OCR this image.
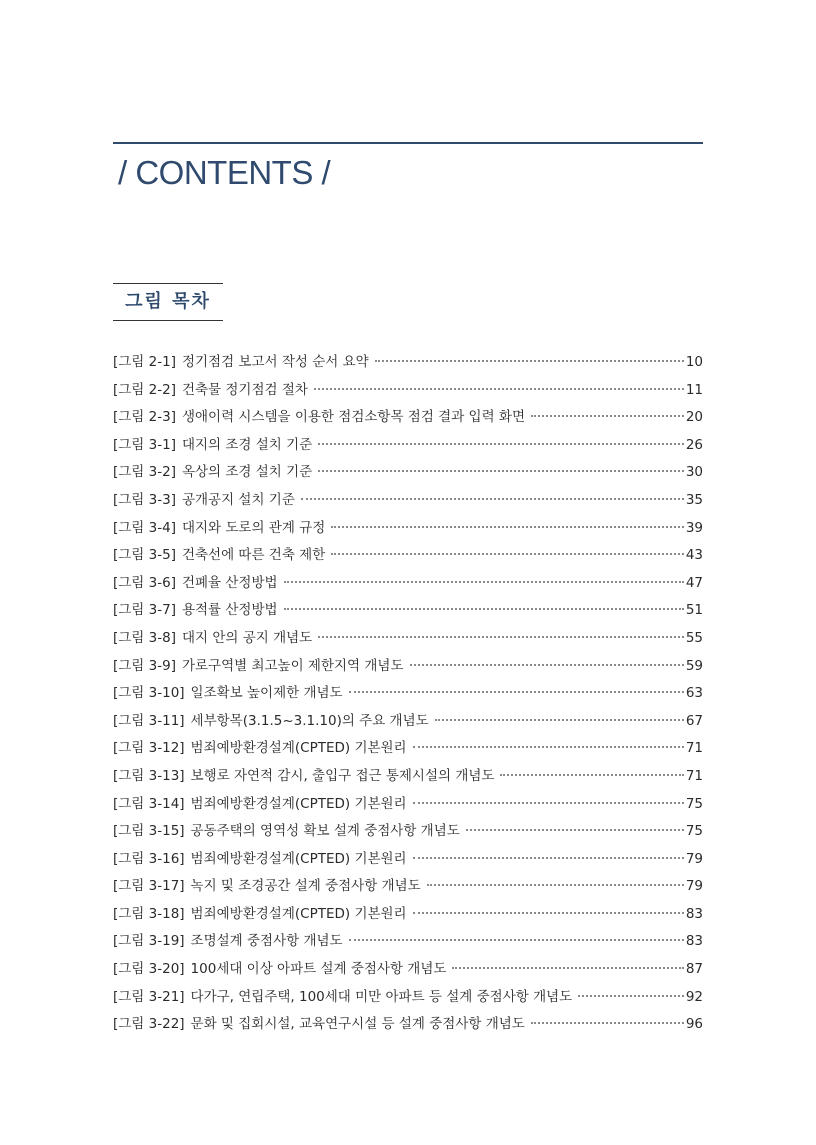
/ CONTENTS /
그림 목차
[그림 2-1] 정기점검 보고서 작성 순서 요약	10
[그림 2-2] 건축물 정기점검 절차	11
[그림 2-3] 생애이력 시스템을 이용한 점검소항목 점검 결과 입력 화면	20
[그림 3-1] 대지의 조경 설치 기준	26
[그림 3-2] 옥상의 조경 설치 기준	30
[그림 3-3] 공개공지 설치 기준	35
[그림 3-4] 대지와 도로의 관계 규정	39
[그림 3-5] 건축선에 따른 건축 제한	43
[그림 3-6] 건폐율 산정방법	47
[그림 3-7] 용적률 산정방법	51
[그림 3-8] 대지 안의 공지 개념도	55
[그림 3-9] 가로구역별 최고높이 제한지역 개념도	59
[그림 3-10] 일조확보 높이제한 개념도	63
[그림 3-11] 세부항목(3.1.5~3.1.10)의 주요 개념도	67
[그림 3-12] 범죄예방환경설계(CPTED) 기본원리	71
[그림 3-13] 보행로 자연적 감시, 출입구 접근 통제시설의 개념도	71
[그림 3-14] 범죄예방환경설계(CPTED) 기본원리	75
[그림 3-15] 공동주택의 영역성 확보 설계 중점사항 개념도	75
[그림 3-16] 범죄예방환경설계(CPTED) 기본원리	79
[그림 3-17] 녹지 및 조경공간 설계 중점사항 개념도	79
[그림 3-18] 범죄예방환경설계(CPTED) 기본원리	83
[그림 3-19] 조명설계 중점사항 개념도	83
[그림 3-20] 100세대 이상 아파트 설계 중점사항 개념도	87
[그림 3-21] 다가구, 연립주택, 100세대 미만 아파트 등 설계 중점사항 개념도	92
[그림 3-22] 문화 및 집회시설, 교육연구시설 등 설계 중점사항 개념도	96
